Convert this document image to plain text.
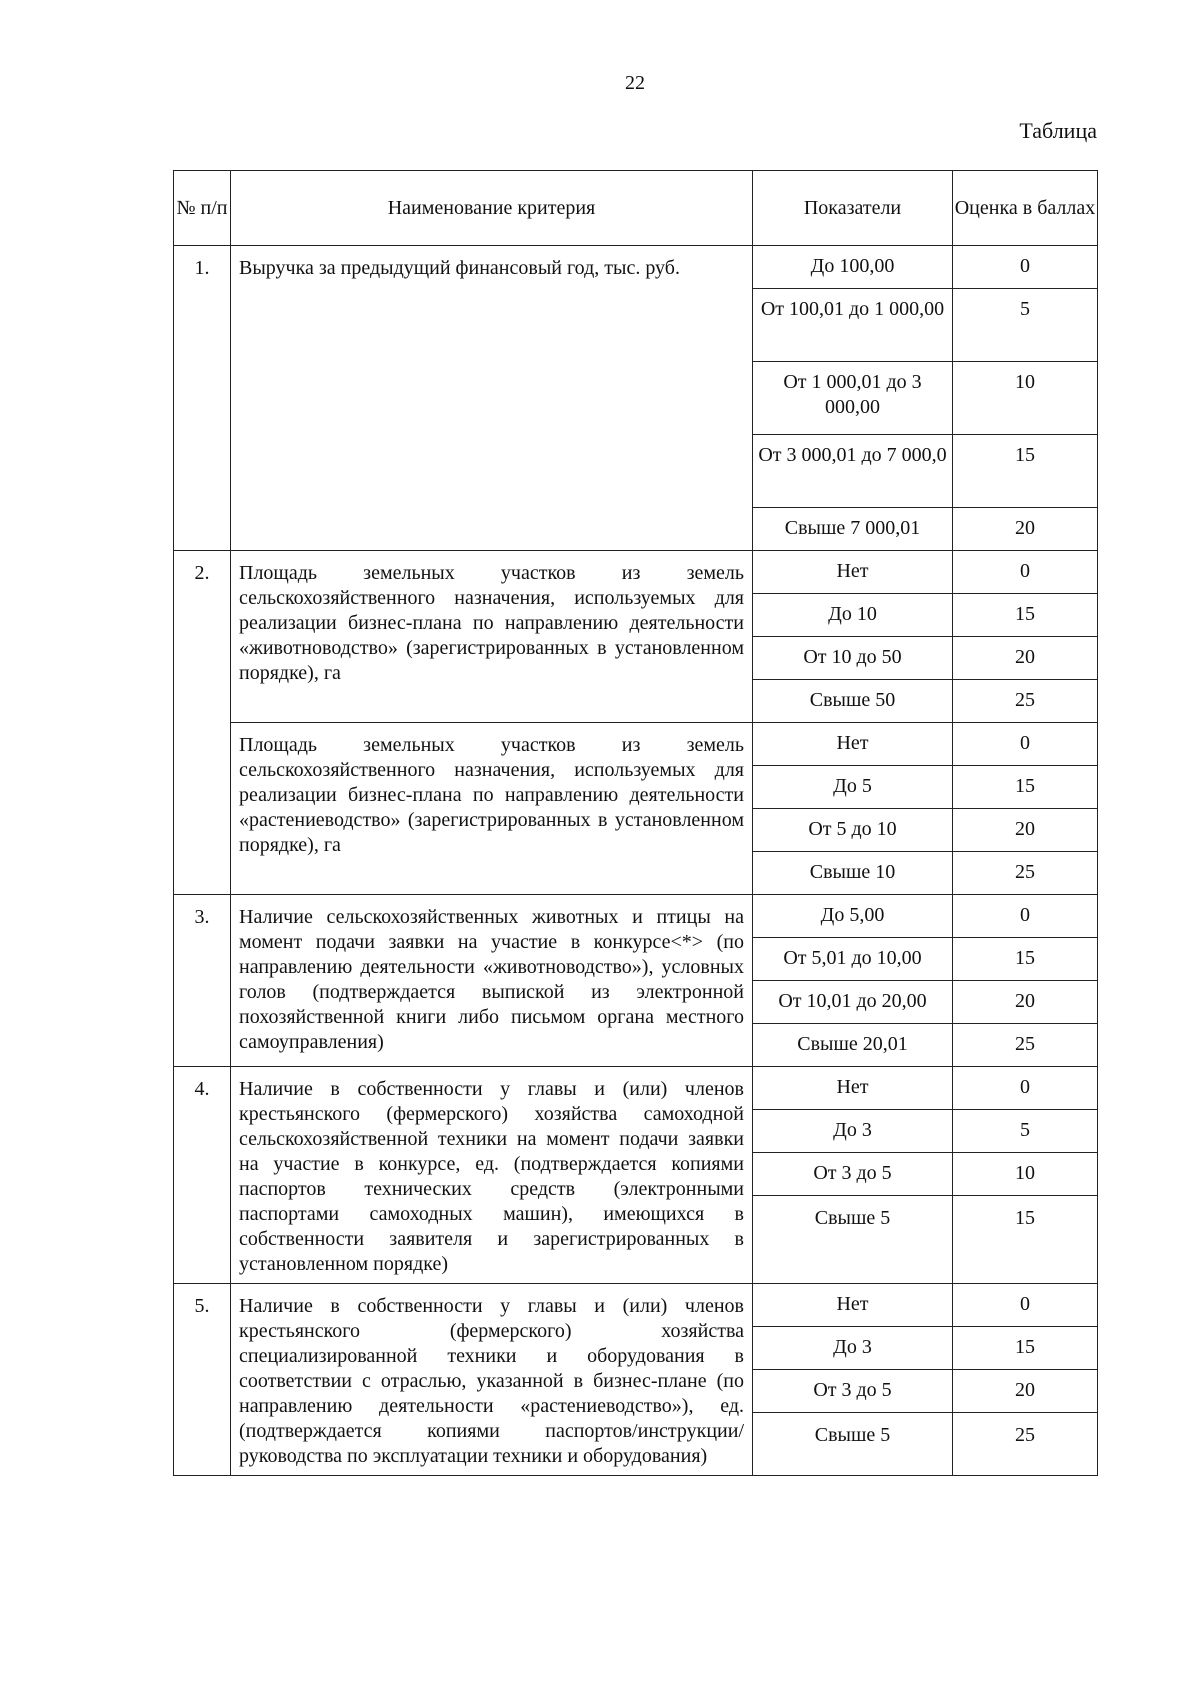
22
Таблица
№ п/п	Наименование критерия	Показатели	Оценка в баллах
1.	Выручка за предыдущий финансовый год, тыс. руб.	До 100,00	0
		От 100,01 до 1 000,00	5
		От 1 000,01 до 3 000,00	10
		От 3 000,01 до 7 000,0	15
		Свыше 7 000,01	20
2.	Площадь земельных участков из земель сельскохозяйственного назначения, используемых для реализации бизнес-плана по направлению деятельности «животноводство» (зарегистрированных в установленном порядке), га	Нет	0
		До 10	15
		От 10 до 50	20
		Свыше 50	25
	Площадь земельных участков из земель сельскохозяйственного назначения, используемых для реализации бизнес-плана по направлению деятельности «растениеводство» (зарегистрированных в установленном порядке), га	Нет	0
		До 5	15
		От 5 до 10	20
		Свыше 10	25
3.	Наличие сельскохозяйственных животных и птицы на момент подачи заявки на участие в конкурсе<*> (по направлению деятельности «животноводство»), условных голов (подтверждается выпиской из электронной похозяйственной книги либо письмом органа местного самоуправления)	До 5,00	0
		От 5,01 до 10,00	15
		От 10,01 до 20,00	20
		Свыше 20,01	25
4.	Наличие в собственности у главы и (или) членов крестьянского (фермерского) хозяйства самоходной сельскохозяйственной техники на момент подачи заявки на участие в конкурсе, ед. (подтверждается копиями паспортов технических средств (электронными паспортами самоходных машин), имеющихся в собственности заявителя и зарегистрированных в установленном порядке)	Нет	0
		До 3	5
		От 3 до 5	10
		Свыше 5	15
5.	Наличие в собственности у главы и (или) членов крестьянского (фермерского) хозяйства специализированной техники и оборудования в соответствии с отраслью, указанной в бизнес-плане (по направлению деятельности «растениеводство»), ед. (подтверждается копиями паспортов/инструкции/руководства по эксплуатации техники и оборудования)	Нет	0
		До 3	15
		От 3 до 5	20
		Свыше 5	25
